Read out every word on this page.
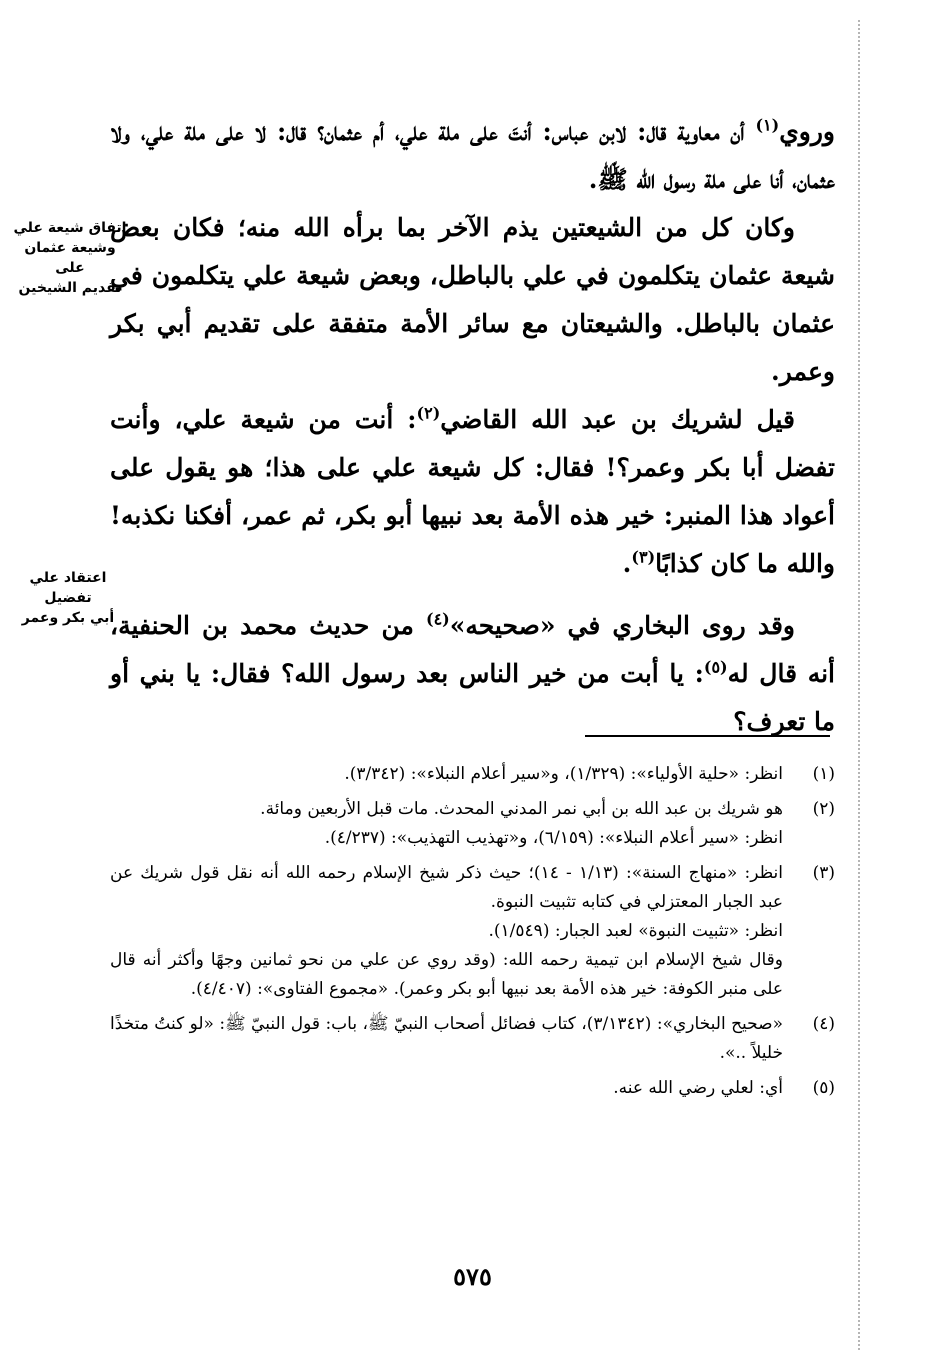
وروي$^{(١)}$ أن معاوية قال: لابن عباس: أنتَ على ملة علي، أم عثمان؟ قال: لا على ملة علي، ولا عثمان، أنا على ملة رسول الله ﷺ.

وكان كل من الشيعتين يذم الآخر بما برأه الله منه؛ فكان بعض شيعة عثمان يتكلمون في علي بالباطل، وبعض شيعة علي يتكلمون في عثمان بالباطل. والشيعتان مع سائر الأمة متفقة على تقديم أبي بكر وعمر.

قيل لشريك بن عبد الله القاضي$^{(٢)}$: أنت من شيعة علي، وأنت تفضل أبا بكر وعمر؟! فقال: كل شيعة علي على هذا؛ هو يقول على أعواد هذا المنبر: خير هذه الأمة بعد نبيها أبو بكر، ثم عمر، أفكنا نكذبه! والله ما كان كذابًا$^{(٣)}$.

وقد روى البخاري في «صحيحه»$^{(٤)}$ من حديث محمد بن الحنفية، أنه قال له$^{(٥)}$: يا أبت من خير الناس بعد رسول الله؟ فقال: يا بني أو ما تعرف؟

اتفاق شيعة علي
وشيعة عثمان على
تقديم الشيخين
اعتقاد علي تفضيل
أبي بكر وعمر
(١)
انظر: «حلية الأولياء»: (١/٣٢٩)، و«سير أعلام النبلاء»: (٣/٣٤٢).
(٢)
هو شريك بن عبد الله بن أبي نمر المدني المحدث. مات قبل الأربعين ومائة.
انظر: «سير أعلام النبلاء»: (٦/١٥٩)، و«تهذيب التهذيب»: (٤/٢٣٧).
(٣)
انظر: «منهاج السنة»: (١/١٣ - ١٤)؛ حيث ذكر شيخ الإسلام رحمه الله أنه نقل قول شريك عن عبد الجبار المعتزلي في كتابه تثبيت النبوة.
انظر: «تثبيت النبوة» لعبد الجبار: (١/٥٤٩).
وقال شيخ الإسلام ابن تيمية رحمه الله: (وقد روي عن علي من نحو ثمانين وجهًا وأكثر أنه قال على منبر الكوفة: خير هذه الأمة بعد نبيها أبو بكر وعمر). «مجموع الفتاوى»: (٤/٤٠٧).
(٤)
«صحيح البخاري»: (٣/١٣٤٢)، كتاب فضائل أصحاب النبيّ ﷺ، باب: قول النبيّ ﷺ: «لو كنتُ متخذًا خليلاً ..».
(٥)
أي: لعلي رضي الله عنه.
٥٧٥
